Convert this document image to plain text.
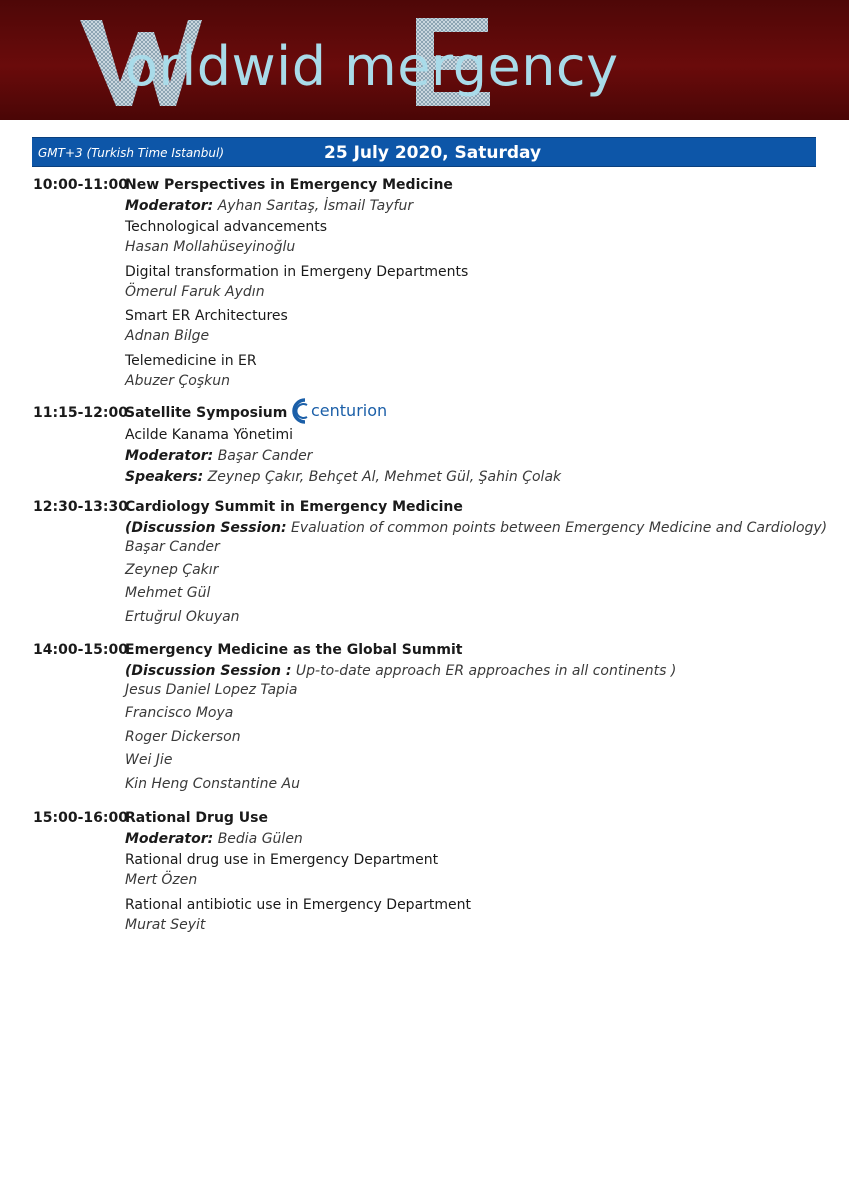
orldwid mergency
GMT+3 (Turkish Time Istanbul)	25 July 2020, Saturday
10:00-11:00
New Perspectives in Emergency Medicine
Moderator: Ayhan Sarıtaş, İsmail Tayfur
Technological advancements
Hasan Mollahüseyinoğlu
Digital transformation in Emergeny Departments
Ömerul Faruk Aydın
Smart ER Architectures
Adnan Bilge
Telemedicine in ER
Abuzer Çoşkun
11:15-12:00
Satellite Symposium centurion
Acilde Kanama Yönetimi
Moderator: Başar Cander
Speakers: Zeynep Çakır, Behçet Al, Mehmet Gül, Şahin Çolak
12:30-13:30
Cardiology Summit in Emergency Medicine
(Discussion Session: Evaluation of common points between Emergency Medicine and Cardiology)
Başar Cander
Zeynep Çakır
Mehmet Gül
Ertuğrul Okuyan
14:00-15:00
Emergency Medicine as the Global Summit
(Discussion Session : Up-to-date approach ER approaches in all continents )
Jesus Daniel Lopez Tapia
Francisco Moya
Roger Dickerson
Wei Jie
Kin Heng Constantine Au
15:00-16:00
Rational Drug Use
Moderator: Bedia Gülen
Rational drug use in Emergency Department
Mert Özen
Rational antibiotic use in Emergency Department
Murat Seyit
